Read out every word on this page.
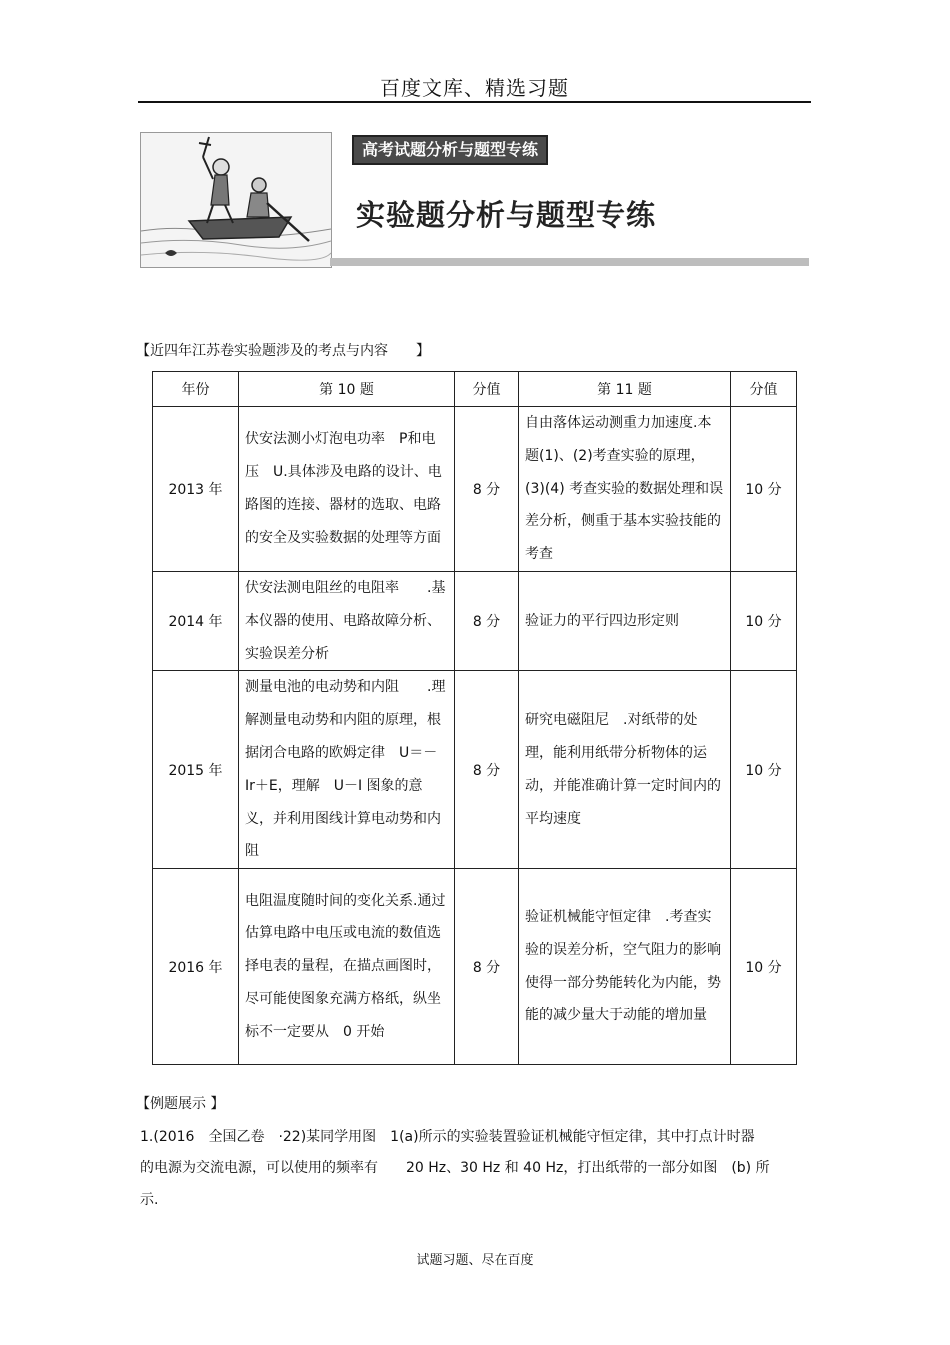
百度文库、精选习题
高考试题分析与题型专练
实验题分析与题型专练
【近四年江苏卷实验题涉及的考点与内容　　】
年份	第 10 题	分值	第 11 题	分值
2013 年	伏安法测小灯泡电功率　P和电压　U.具体涉及电路的设计、电路图的连接、器材的选取、电路的安全及实验数据的处理等方面	8 分	自由落体运动测重力加速度.本题(1)、(2)考查实验的原理，　(3)(4) 考查实验的数据处理和误差分析，侧重于基本实验技能的考查	10 分
2014 年	伏安法测电阻丝的电阻率　　.基本仪器的使用、电路故障分析、实验误差分析	8 分	验证力的平行四边形定则	10 分
2015 年	测量电池的电动势和内阻　　.理解测量电动势和内阻的原理，根据闭合电路的欧姆定律　U＝－ Ir＋E，理解　U－I 图象的意义，并利用图线计算电动势和内阻	8 分	研究电磁阻尼　.对纸带的处理，能利用纸带分析物体的运动，并能准确计算一定时间内的平均速度	10 分
2016 年	电阻温度随时间的变化关系.通过估算电路中电压或电流的数值选择电表的量程，在描点画图时，尽可能使图象充满方格纸，纵坐标不一定要从　0 开始	8 分	验证机械能守恒定律　.考查实验的误差分析，空气阻力的影响使得一部分势能转化为内能，势能的减少量大于动能的增加量	10 分
【例题展示 】
1.(2016　全国乙卷　·22)某同学用图　1(a)所示的实验装置验证机械能守恒定律，其中打点计时器
的电源为交流电源，可以使用的频率有　　20 Hz、30 Hz 和 40 Hz，打出纸带的一部分如图　(b) 所
示.
试题习题、尽在百度
